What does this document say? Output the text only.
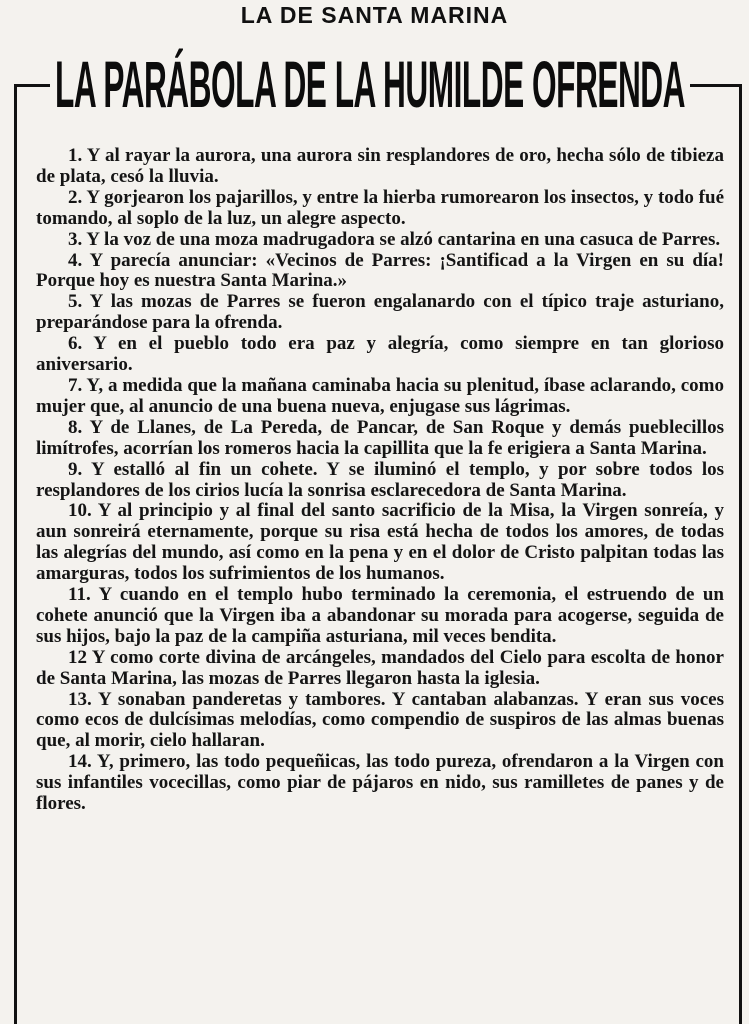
LA DE SANTA MARINA
LA PARÁBOLA DE LA HUMILDE OFRENDA

1. Y al rayar la aurora, una aurora sin resplandores de oro, hecha sólo de tibieza de plata, cesó la lluvia.

2. Y gorjearon los pajarillos, y entre la hierba rumorearon los insectos, y todo fué tomando, al soplo de la luz, un alegre aspecto.

3. Y la voz de una moza madrugadora se alzó cantarina en una casuca de Parres.

4. Y parecía anunciar: «Vecinos de Parres: ¡Santificad a la Virgen en su día! Porque hoy es nuestra Santa Marina.»

5. Y las mozas de Parres se fueron engalanardo con el típico traje asturiano, preparándose para la ofrenda.

6. Y en el pueblo todo era paz y alegría, como siempre en tan glorioso aniversario.

7. Y, a medida que la mañana caminaba hacia su plenitud, íbase aclarando, como mujer que, al anuncio de una buena nueva, enjugase sus lágrimas.

8. Y de Llanes, de La Pereda, de Pancar, de San Roque y demás pueblecillos limítrofes, acorrían los romeros hacia la capillita que la fe erigiera a Santa Marina.

9. Y estalló al fin un cohete. Y se iluminó el templo, y por sobre todos los resplandores de los cirios lucía la sonrisa esclarecedora de Santa Marina.

10. Y al principio y al final del santo sacrificio de la Misa, la Virgen sonreía, y aun sonreirá eternamente, porque su risa está hecha de todos los amores, de todas las alegrías del mundo, así como en la pena y en el dolor de Cristo palpitan todas las amarguras, todos los sufrimientos de los humanos.

11. Y cuando en el templo hubo terminado la ceremonia, el estruendo de un cohete anunció que la Virgen iba a abandonar su morada para acogerse, seguida de sus hijos, bajo la paz de la campiña asturiana, mil veces bendita.

12 Y como corte divina de arcángeles, mandados del Cielo para escolta de honor de Santa Marina, las mozas de Parres llegaron hasta la iglesia.

13. Y sonaban panderetas y tambores. Y cantaban alabanzas. Y eran sus voces como ecos de dulcísimas melodías, como compendio de suspiros de las almas buenas que, al morir, cielo hallaran.

14. Y, primero, las todo pequeñicas, las todo pureza, ofrendaron a la Virgen con sus infantiles vocecillas, como piar de pájaros en nido, sus ramilletes de panes y de flores.
